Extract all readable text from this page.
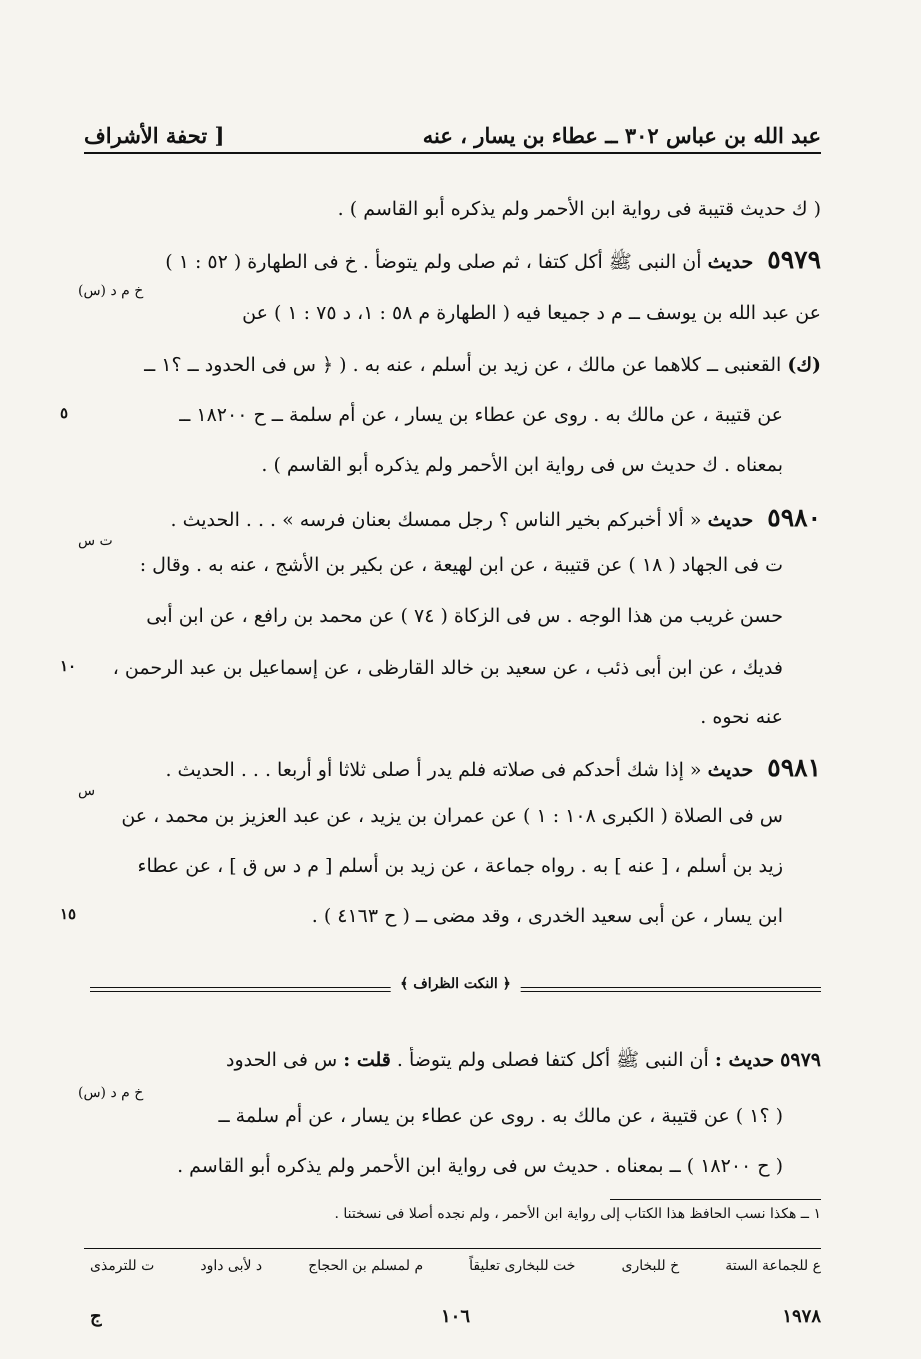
عبد الله بن عباس ٣٠٢ ــ عطاء بن يسار ، عنه
[ تحفة الأشراف
( ﻙ حديث قتيبة فى رواية ابن الأحمر ولم يذكره أبو القاسم ) .
٥٩٧٩ حديث أن النبى ﷺ أكل كتفا ، ثم صلى ولم يتوضأ . خ فى الطهارة ( ٥٢ : ١ )
خ م د (س)
عن عبد الله بن يوسف ــ م د جميعا فيه ( الطهارة م ٥٨ : ١، د ٧٥ : ١ ) عن
(ﻙ) القعنبى ــ كلاهما عن مالك ، عن زيد بن أسلم ، عنه به . ( ﴿ س فى الحدود ــ ؟١ ــ
عن قتيبة ، عن مالك به . روى عن عطاء بن يسار ، عن أم سلمة ــ ح ١٨٢٠٠ ــ
٥
بمعناه . ﻙ حديث س فى رواية ابن الأحمر ولم يذكره أبو القاسم ) .
٥٩٨٠ حديث « ألا أخبركم بخير الناس ؟ رجل ممسك بعنان فرسه » . . . الحديث .
ت س
ت فى الجهاد ( ١٨ ) عن قتيبة ، عن ابن لهيعة ، عن بكير بن الأشج ، عنه به . وقال :
حسن غريب من هذا الوجه . س فى الزكاة ( ٧٤ ) عن محمد بن رافع ، عن ابن أبى
فديك ، عن ابن أبى ذئب ، عن سعيد بن خالد القارظى ، عن إسماعيل بن عبد الرحمن ،
١٠
عنه نحوه .
٥٩٨١ حديث « إذا شك أحدكم فى صلاته فلم يدر أ صلى ثلاثا أو أربعا . . . الحديث .
س
س فى الصلاة ( الكبرى ١٠٨ : ١ ) عن عمران بن يزيد ، عن عبد العزيز بن محمد ، عن
زيد بن أسلم ، [ عنه ] به . رواه جماعة ، عن زيد بن أسلم [ م د س ق ] ، عن عطاء
ابن يسار ، عن أبى سعيد الخدرى ، وقد مضى ــ ( ح ٤١٦٣ ) .
١٥
﴿ النكت الظراف ﴾
٥٩٧٩ حديث : أن النبى ﷺ أكل كتفا فصلى ولم يتوضأ . قلت : س فى الحدود
خ م د (س)
( ؟١ ) عن قتيبة ، عن مالك به . روى عن عطاء بن يسار ، عن أم سلمة ــ
( ح ١٨٢٠٠ ) ــ بمعناه . حديث س فى رواية ابن الأحمر ولم يذكره أبو القاسم .
١ ــ هكذا نسب الحافظ هذا الكتاب إلى رواية ابن الأحمر ، ولم نجده أصلا فى نسختنا .
ع للجماعة الستة
خ للبخارى
خت للبخارى تعليقاً
م لمسلم بن الحجاج
د لأبى داود
ت للترمذى
١٩٧٨
١٠٦
ج
